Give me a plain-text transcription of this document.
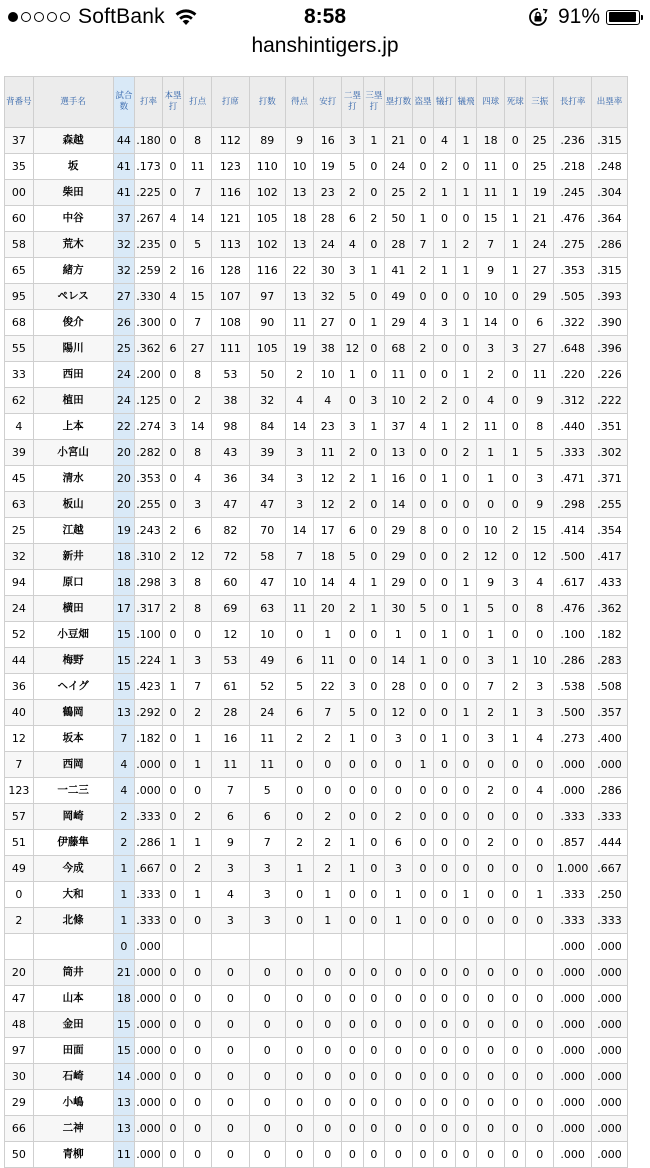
SoftBank	8:58	91%
hanshintigers.jp
背番号	選手名	試合数	打率	本塁打	打点	打席	打数	得点	安打	二塁打	三塁打	塁打数	盗塁	犠打	犠飛	四球	死球	三振	長打率	出塁率
37	森越	44	.180	0	8	112	89	9	16	3	1	21	0	4	1	18	0	25	.236	.315
35	坂	41	.173	0	11	123	110	10	19	5	0	24	0	2	0	11	0	25	.218	.248
00	柴田	41	.225	0	7	116	102	13	23	2	0	25	2	1	1	11	1	19	.245	.304
60	中谷	37	.267	4	14	121	105	18	28	6	2	50	1	0	0	15	1	21	.476	.364
58	荒木	32	.235	0	5	113	102	13	24	4	0	28	7	1	2	7	1	24	.275	.286
65	緒方	32	.259	2	16	128	116	22	30	3	1	41	2	1	1	9	1	27	.353	.315
95	ペレス	27	.330	4	15	107	97	13	32	5	0	49	0	0	0	10	0	29	.505	.393
68	俊介	26	.300	0	7	108	90	11	27	0	1	29	4	3	1	14	0	6	.322	.390
55	陽川	25	.362	6	27	111	105	19	38	12	0	68	2	0	0	3	3	27	.648	.396
33	西田	24	.200	0	8	53	50	2	10	1	0	11	0	0	1	2	0	11	.220	.226
62	植田	24	.125	0	2	38	32	4	4	0	3	10	2	2	0	4	0	9	.312	.222
4	上本	22	.274	3	14	98	84	14	23	3	1	37	4	1	2	11	0	8	.440	.351
39	小宮山	20	.282	0	8	43	39	3	11	2	0	13	0	0	2	1	1	5	.333	.302
45	清水	20	.353	0	4	36	34	3	12	2	1	16	0	1	0	1	0	3	.471	.371
63	板山	20	.255	0	3	47	47	3	12	2	0	14	0	0	0	0	0	9	.298	.255
25	江越	19	.243	2	6	82	70	14	17	6	0	29	8	0	0	10	2	15	.414	.354
32	新井	18	.310	2	12	72	58	7	18	5	0	29	0	0	2	12	0	12	.500	.417
94	原口	18	.298	3	8	60	47	10	14	4	1	29	0	0	1	9	3	4	.617	.433
24	横田	17	.317	2	8	69	63	11	20	2	1	30	5	0	1	5	0	8	.476	.362
52	小豆畑	15	.100	0	0	12	10	0	1	0	0	1	0	1	0	1	0	0	.100	.182
44	梅野	15	.224	1	3	53	49	6	11	0	0	14	1	0	0	3	1	10	.286	.283
36	ヘイグ	15	.423	1	7	61	52	5	22	3	0	28	0	0	0	7	2	3	.538	.508
40	鶴岡	13	.292	0	2	28	24	6	7	5	0	12	0	0	1	2	1	3	.500	.357
12	坂本	7	.182	0	1	16	11	2	2	1	0	3	0	1	0	3	1	4	.273	.400
7	西岡	4	.000	0	1	11	11	0	0	0	0	0	1	0	0	0	0	0	.000	.000
123	一二三	4	.000	0	0	7	5	0	0	0	0	0	0	0	0	2	0	4	.000	.286
57	岡崎	2	.333	0	2	6	6	0	2	0	0	2	0	0	0	0	0	0	.333	.333
51	伊藤隼	2	.286	1	1	9	7	2	2	1	0	6	0	0	0	2	0	0	.857	.444
49	今成	1	.667	0	2	3	3	1	2	1	0	3	0	0	0	0	0	0	1.000	.667
0	大和	1	.333	0	1	4	3	0	1	0	0	1	0	0	1	0	0	1	.333	.250
2	北條	1	.333	0	0	3	3	0	1	0	0	1	0	0	0	0	0	0	.333	.333
		0	.000																.000	.000
20	筒井	21	.000	0	0	0	0	0	0	0	0	0	0	0	0	0	0	0	.000	.000
47	山本	18	.000	0	0	0	0	0	0	0	0	0	0	0	0	0	0	0	.000	.000
48	金田	15	.000	0	0	0	0	0	0	0	0	0	0	0	0	0	0	0	.000	.000
97	田面	15	.000	0	0	0	0	0	0	0	0	0	0	0	0	0	0	0	.000	.000
30	石崎	14	.000	0	0	0	0	0	0	0	0	0	0	0	0	0	0	0	.000	.000
29	小嶋	13	.000	0	0	0	0	0	0	0	0	0	0	0	0	0	0	0	.000	.000
66	二神	13	.000	0	0	0	0	0	0	0	0	0	0	0	0	0	0	0	.000	.000
50	青柳	11	.000	0	0	0	0	0	0	0	0	0	0	0	0	0	0	0	.000	.000
